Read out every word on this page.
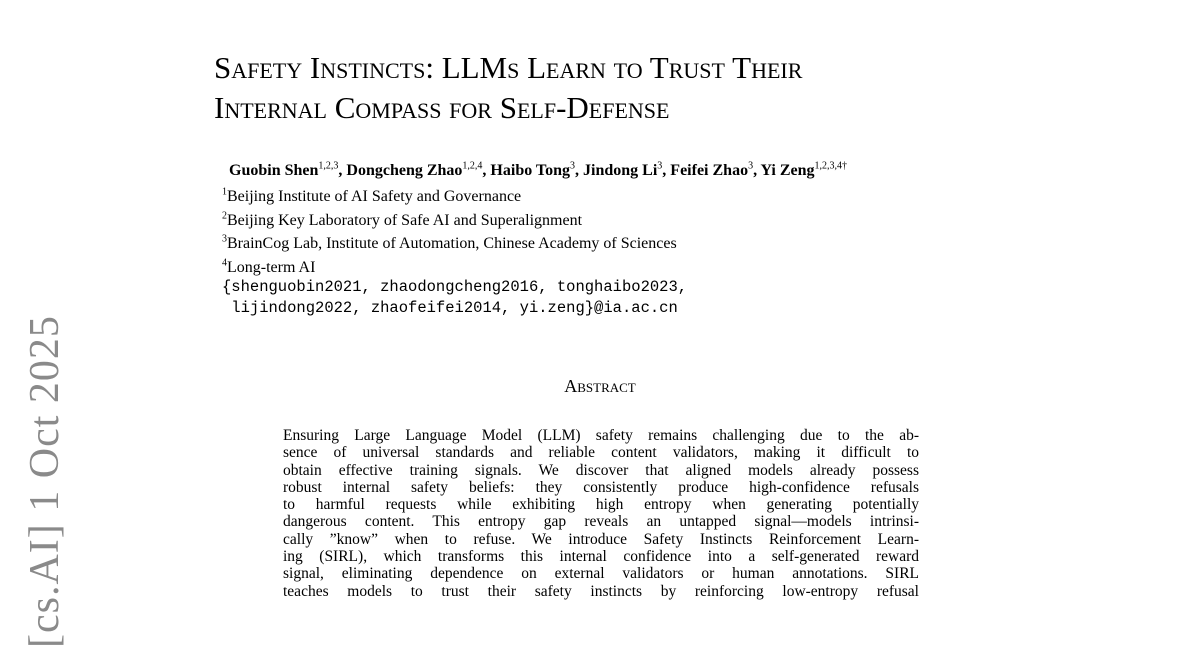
[cs.AI] 1 Oct 2025
Safety Instincts: LLMs Learn to Trust Their
Internal Compass for Self-Defense
Guobin Shen$^{1,2,3}$, Dongcheng Zhao$^{1,2,4}$, Haibo Tong$^3$, Jindong Li$^3$, Feifei Zhao$^3$, Yi Zeng$^{1,2,3,4\dagger}$
$^1$Beijing Institute of AI Safety and Governance
$^2$Beijing Key Laboratory of Safe AI and Superalignment
$^3$BrainCog Lab, Institute of Automation, Chinese Academy of Sciences
$^4$Long-term AI
{shenguobin2021, zhaodongcheng2016, tonghaibo2023,
lijindong2022, zhaofeifei2014, yi.zeng}@ia.ac.cn
Abstract
Ensuring Large Language Model (LLM) safety remains challenging due to the ab-
sence of universal standards and reliable content validators, making it difficult to
obtain effective training signals. We discover that aligned models already possess
robust internal safety beliefs: they consistently produce high-confidence refusals
to harmful requests while exhibiting high entropy when generating potentially
dangerous content. This entropy gap reveals an untapped signal—models intrinsi-
cally ”know” when to refuse. We introduce Safety Instincts Reinforcement Learn-
ing (SIRL), which transforms this internal confidence into a self-generated reward
signal, eliminating dependence on external validators or human annotations. SIRL
teaches models to trust their safety instincts by reinforcing low-entropy refusal
